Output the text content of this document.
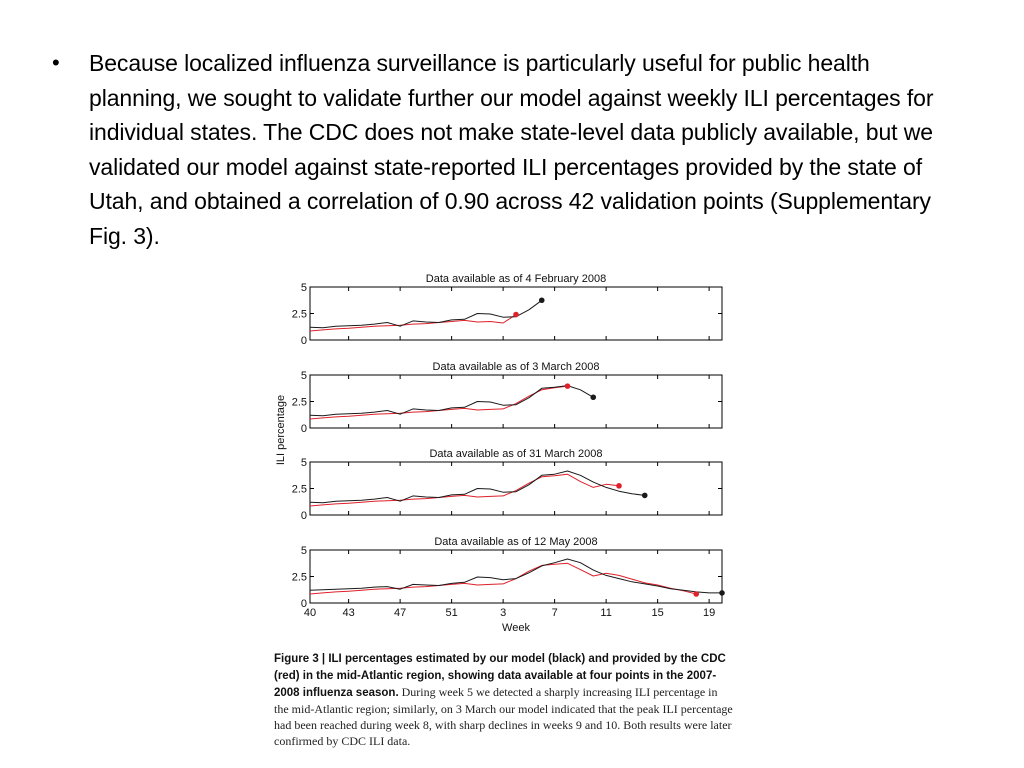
• Because localized influenza surveillance is particularly useful for public health planning, we sought to validate further our model against weekly ILI percentages for individual states. The CDC does not make state-level data publicly available, but we validated our model against state-reported ILI percentages provided by the state of Utah, and obtained a correlation of 0.90 across 42 validation points (Supplementary Fig. 3).
Data available as of 4 February 2008
0
2.5
5
Data available as of 3 March 2008
0
2.5
5
Data available as of 31 March 2008
0
2.5
5
ILI percentage
Data available as of 12 May 2008
0
2.5
5
40 43	47	51	3	7	11	15	19
Week
Figure 3 | ILI percentages estimated by our model (black) and provided by the CDC (red) in the mid-Atlantic region, showing data available at four points in the 2007-2008 influenza season. During week 5 we detected a sharply increasing ILI percentage in the mid-Atlantic region; similarly, on 3 March our model indicated that the peak ILI percentage had been reached during week 8, with sharp declines in weeks 9 and 10. Both results were later confirmed by CDC ILI data.
